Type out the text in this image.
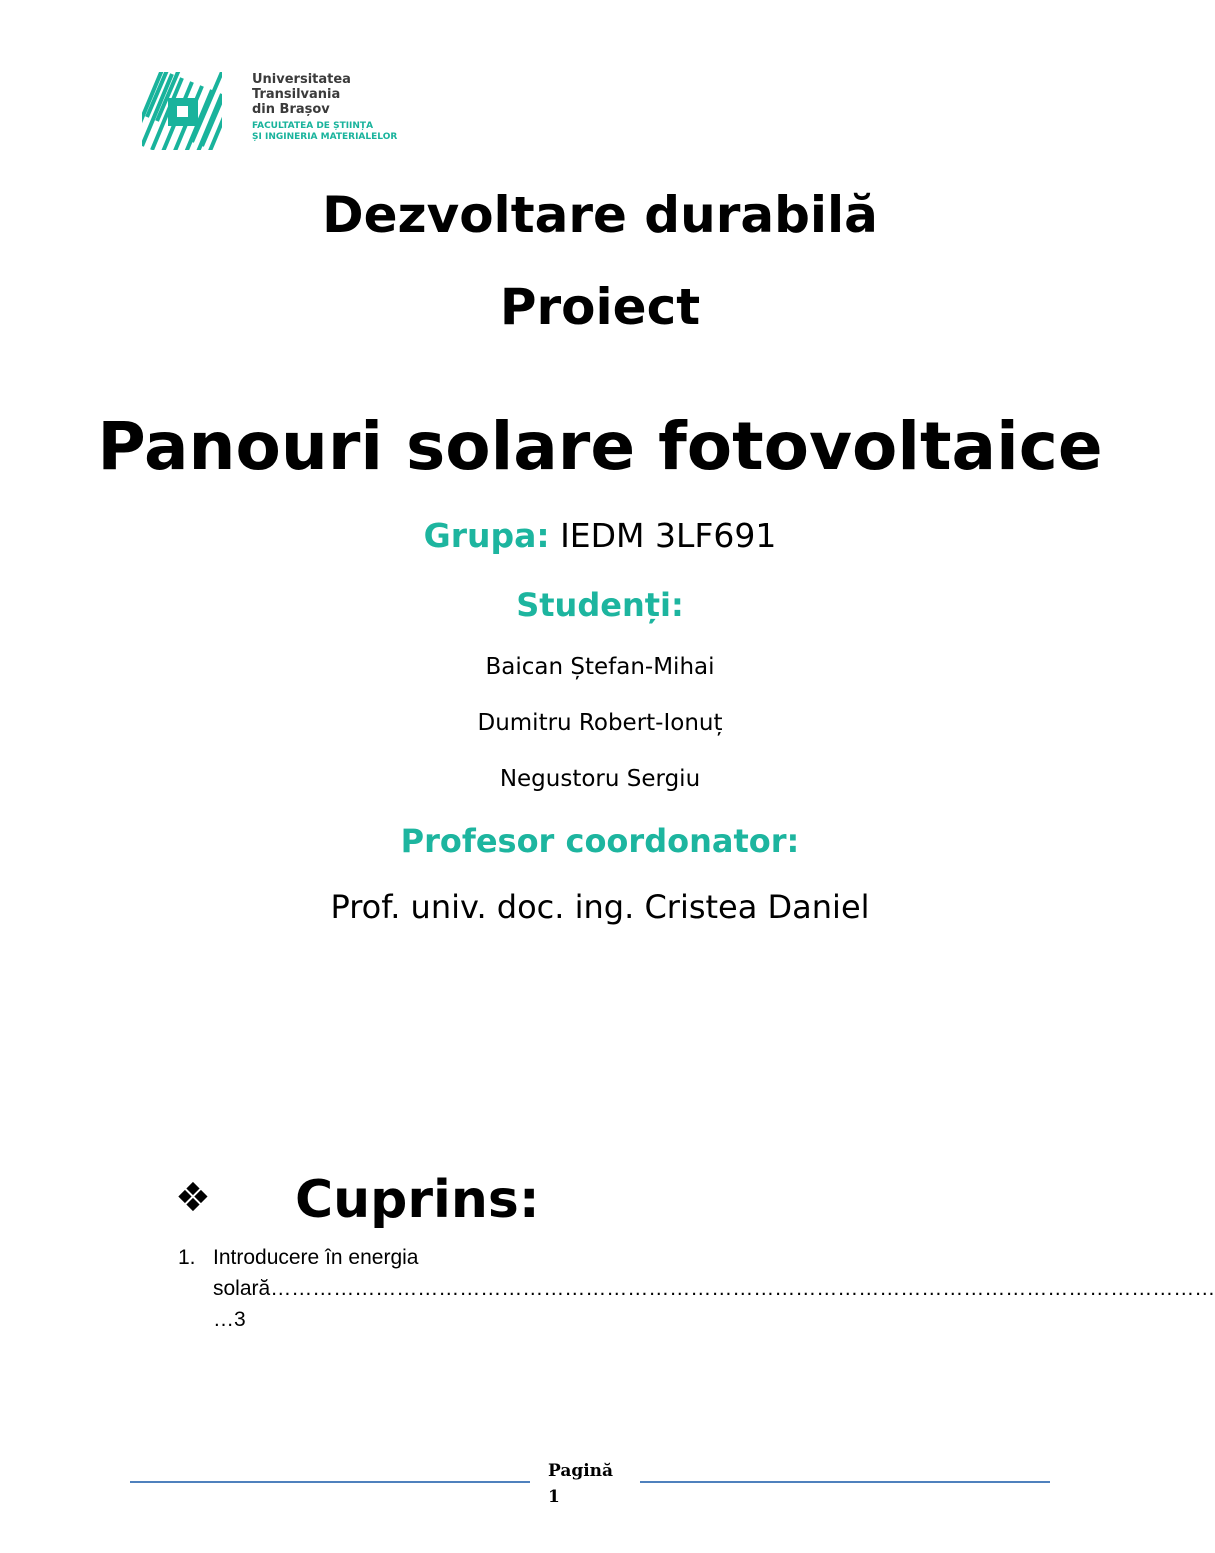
Universitatea
Transilvania
din Brașov
FACULTATEA DE ȘTIINȚA
ȘI INGINERIA MATERIALELOR
Dezvoltare durabilă
Proiect
Panouri solare fotovoltaice
Grupa: IEDM 3LF691
Studenți:
Baican Ștefan-Mihai
Dumitru Robert-Ionuț
Negustoru Sergiu
Profesor coordonator:
Prof. univ. doc. ing. Cristea Daniel
❖ Cuprins:
1. Introducere în energia
solară………………………………………………………………………………………………………………………
…3
Pagină
1
